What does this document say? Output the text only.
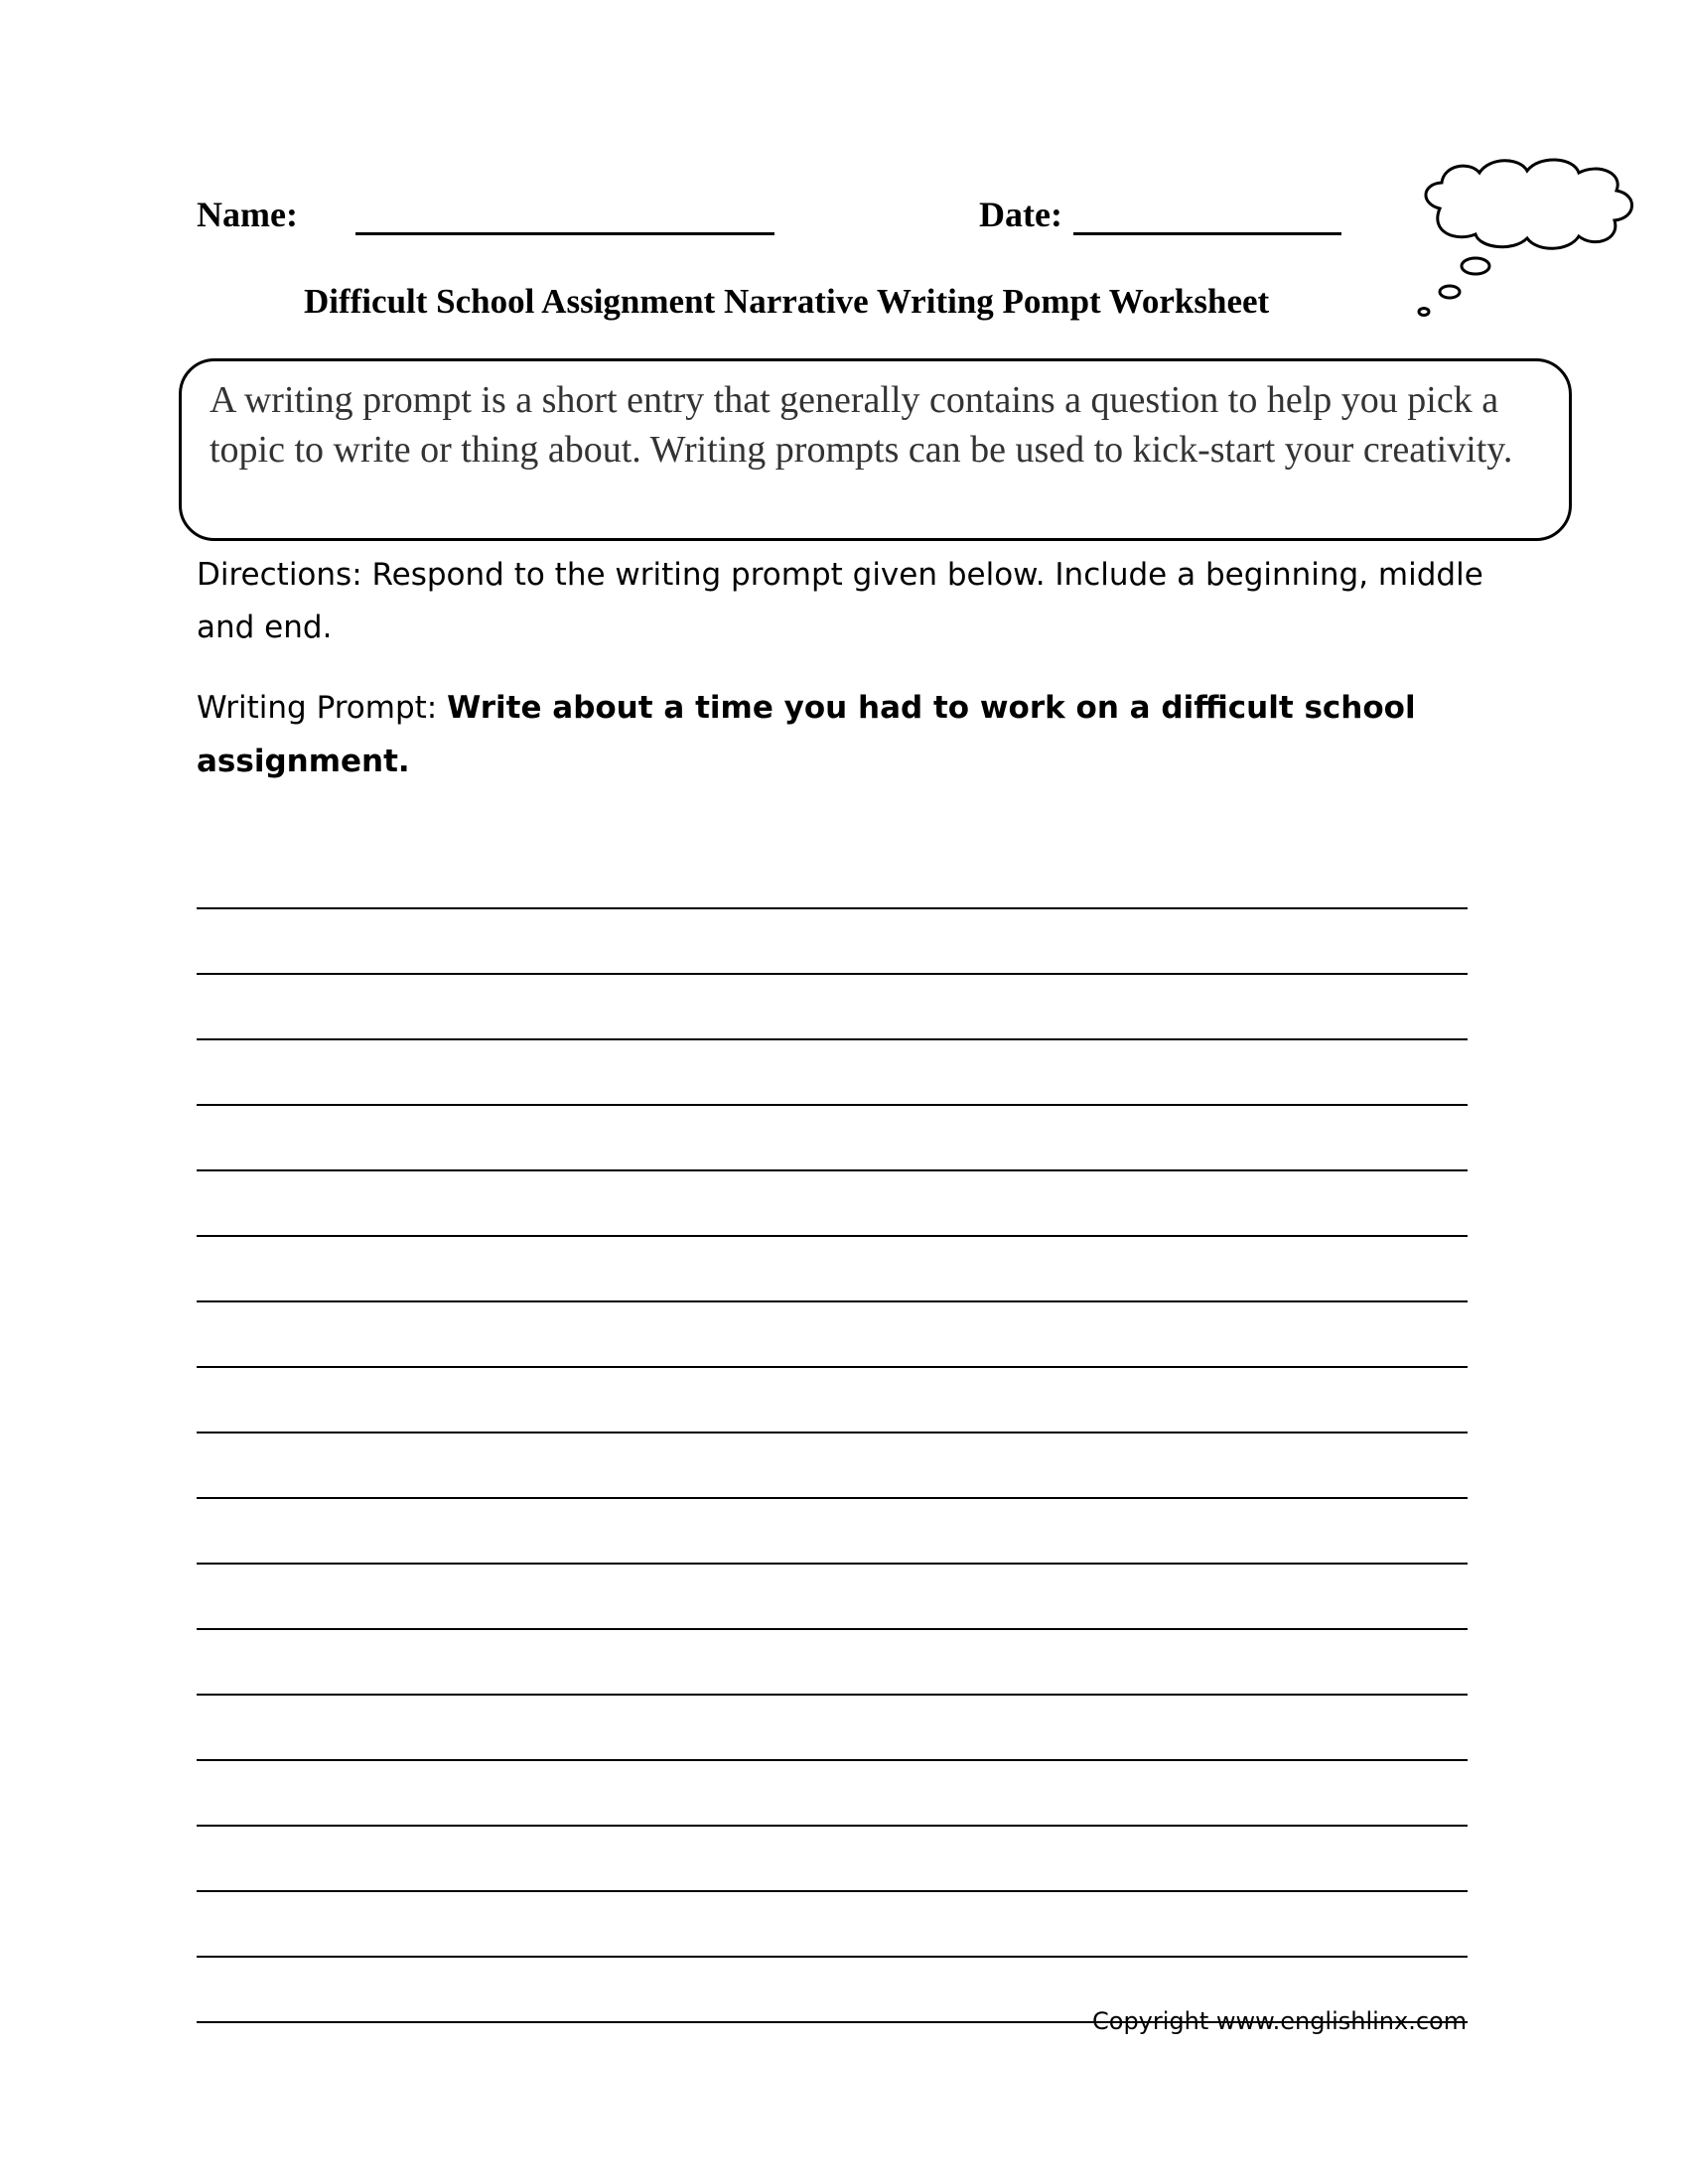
Name:	Date:
Difficult School Assignment Narrative Writing Pompt Worksheet
A writing prompt is a short entry that generally contains a question to help you pick a topic to write or thing about. Writing prompts can be used to kick-start your creativity.
Directions: Respond to the writing prompt given below. Include a beginning, middle and end.
Writing Prompt: Write about a time you had to work on a difficult school assignment.
Copyright www.englishlinx.com
